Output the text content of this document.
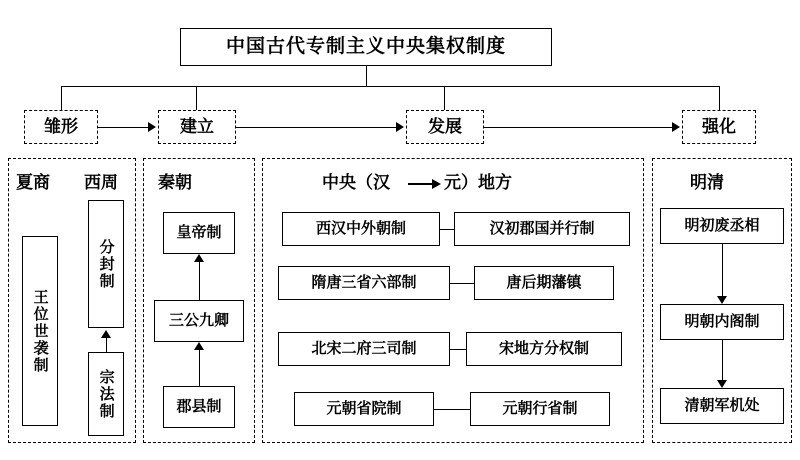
中国古代专制主义中央集权制度
雏形	建立	发展	强化
夏商 西周
王位世袭制
分封制
宗法制
秦朝
皇帝制
三公九卿
郡县制
中央（汉	元）地方
西汉中外朝制	汉初郡国并行制
隋唐三省六部制	唐后期藩镇
北宋二府三司制	宋地方分权制
元朝省院制	元朝行省制
明清
明初废丞相
明朝内阁制
清朝军机处
